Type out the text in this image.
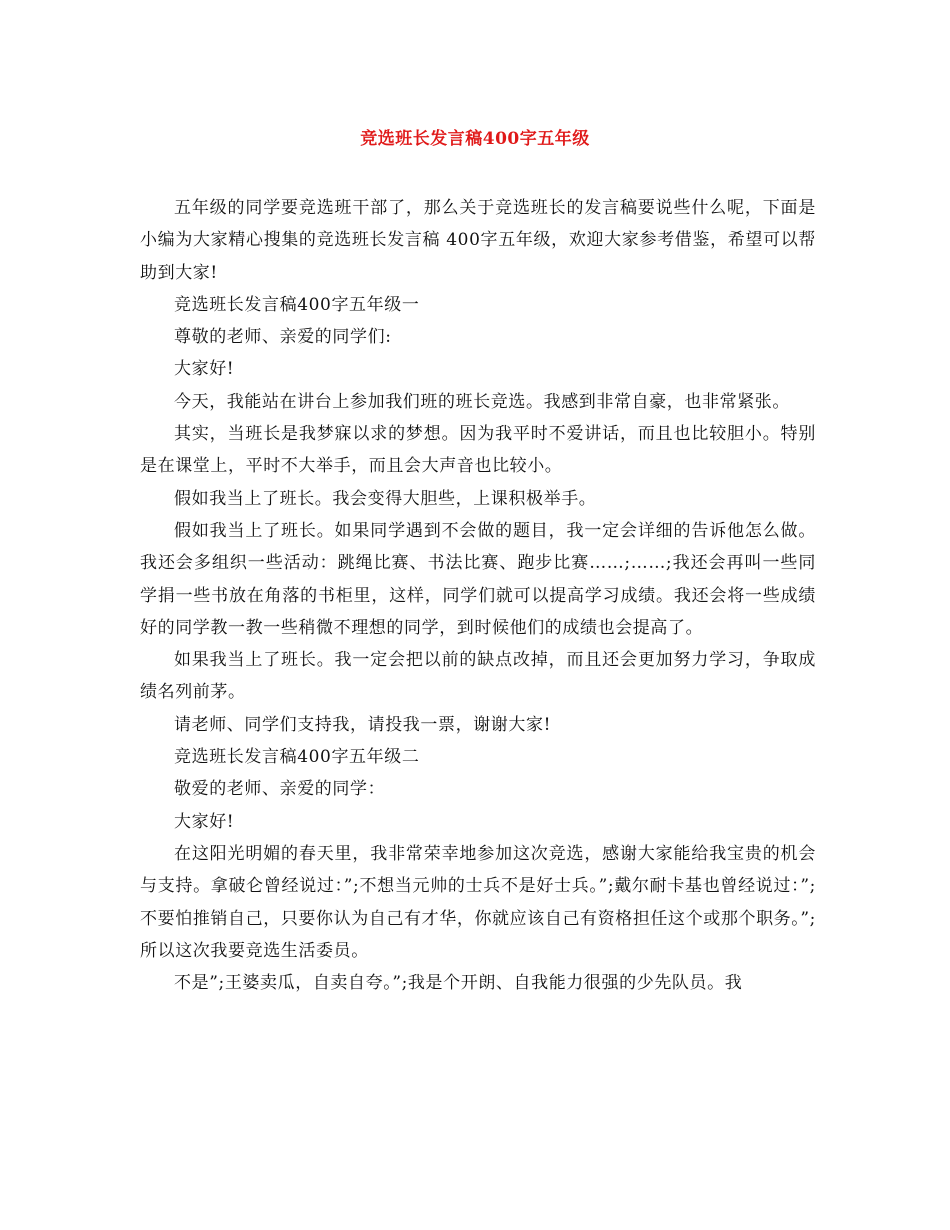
竞选班长发言稿400字五年级

五年级的同学要竞选班干部了，那么关于竞选班长的发言稿要说些什么呢，下面是小编为大家精心搜集的竞选班长发言稿 400字五年级，欢迎大家参考借鉴，希望可以帮助到大家!

竞选班长发言稿400字五年级一

尊敬的老师、亲爱的同学们:

大家好!

今天，我能站在讲台上参加我们班的班长竞选。我感到非常自豪，也非常紧张。

其实，当班长是我梦寐以求的梦想。因为我平时不爱讲话，而且也比较胆小。特别是在课堂上，平时不大举手，而且会大声音也比较小。

假如我当上了班长。我会变得大胆些，上课积极举手。

假如我当上了班长。如果同学遇到不会做的题目，我一定会详细的告诉他怎么做。我还会多组织一些活动：跳绳比赛、书法比赛、跑步比赛……;……;我还会再叫一些同学捐一些书放在角落的书柜里，这样，同学们就可以提高学习成绩。我还会将一些成绩好的同学教一教一些稍微不理想的同学，到时候他们的成绩也会提高了。

如果我当上了班长。我一定会把以前的缺点改掉，而且还会更加努力学习，争取成绩名列前茅。

请老师、同学们支持我，请投我一票，谢谢大家!

竞选班长发言稿400字五年级二

敬爱的老师、亲爱的同学：

大家好!

在这阳光明媚的春天里，我非常荣幸地参加这次竞选，感谢大家能给我宝贵的机会与支持。拿破仑曾经说过：”;不想当元帅的士兵不是好士兵。”;戴尔耐卡基也曾经说过：”;不要怕推销自己，只要你认为自己有才华，你就应该自己有资格担任这个或那个职务。”;所以这次我要竞选生活委员。

不是”;王婆卖瓜，自卖自夸。”;我是个开朗、自我能力很强的少先队员。我
